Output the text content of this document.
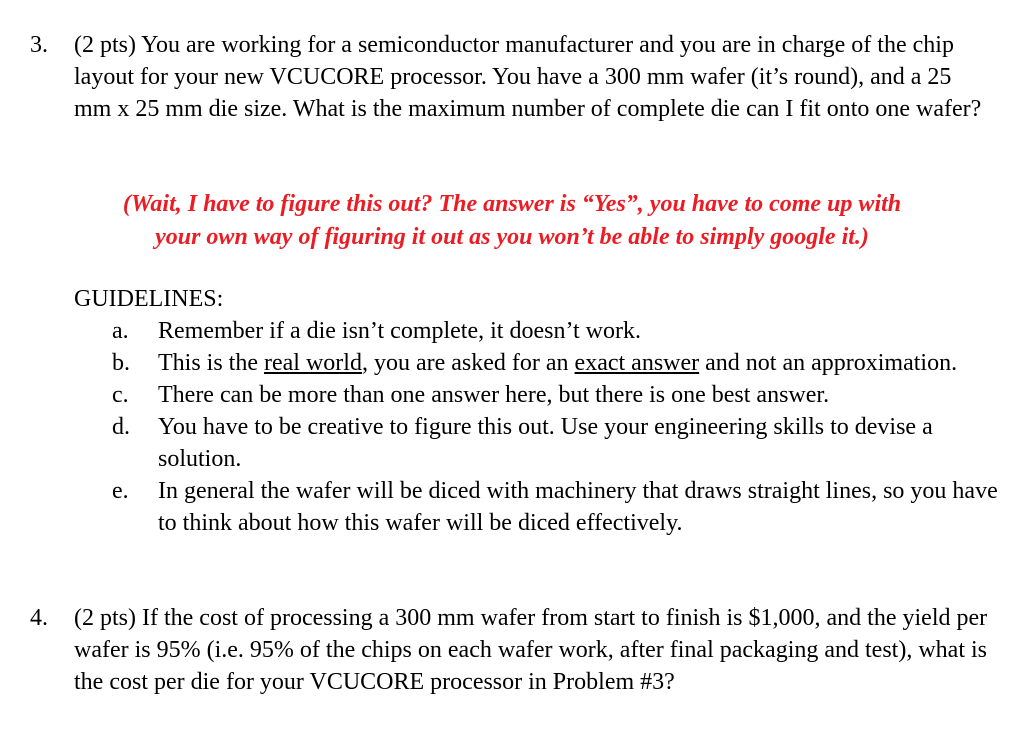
3. (2 pts) You are working for a semiconductor manufacturer and you are in charge of the chip layout for your new VCUCORE processor. You have a 300 mm wafer (it’s round), and a 25 mm x 25 mm die size. What is the maximum number of complete die can I fit onto one wafer?
(Wait, I have to figure this out? The answer is “Yes”, you have to come up with
your own way of figuring it out as you won’t be able to simply google it.)
GUIDELINES:
a. Remember if a die isn’t complete, it doesn’t work.
b. This is the real world, you are asked for an exact answer and not an approximation.
c. There can be more than one answer here, but there is one best answer.
d. You have to be creative to figure this out. Use your engineering skills to devise a solution.
e. In general the wafer will be diced with machinery that draws straight lines, so you have to think about how this wafer will be diced effectively.
4. (2 pts) If the cost of processing a 300 mm wafer from start to finish is $1,000, and the yield per wafer is 95% (i.e. 95% of the chips on each wafer work, after final packaging and test), what is the cost per die for your VCUCORE processor in Problem #3?
